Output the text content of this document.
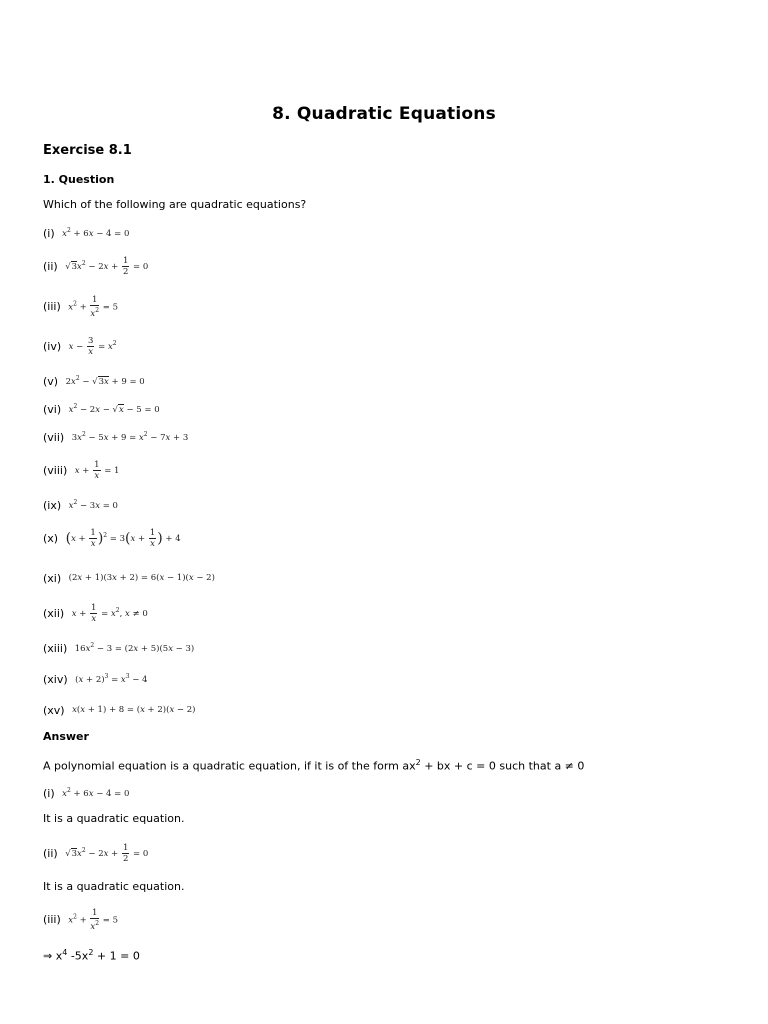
8. Quadratic Equations
Exercise 8.1
1. Question
Which of the following are quadratic equations?
(i) $x^2 + 6x - 4 = 0$
(ii) $√3x^2 - 2x + \frac{1}{2} = 0$
(iii) $x^2 + \frac{1}{x^2} = 5$
(iv) $x - \frac{3}{x} = x^2$
(v) $2x^2 - √3x + 9 = 0$
(vi) $x^2 - 2x - √x - 5 = 0$
(vii) $3x^2 - 5x + 9 = x^2 - 7x + 3$
(viii) $x + \frac{1}{x} = 1$
(ix) $x^2 - 3x = 0$
(x) $(x + \frac{1}{x} )^2 = 3(x + \frac{1}{x}$ ) + 4
(xi) (2x + 1)(3x + 2) = 6(x − 1)(x − 2)
(xii) $x + \frac{1}{x} = x^2$, x ≠ 0
(xiii) $16x^2 - 3 = (2x + 5)(5x - 3)$
(xiv) $(x + 2)^3 = x^3 - 4$
(xv) x(x + 1) + 8 = (x + 2)(x − 2)
Answer
A polynomial equation is a quadratic equation, if it is of the form $ax^2$ + bx + c = 0 such that a ≠ 0
(i) $x^2 + 6x - 4 = 0$
It is a quadratic equation.
(ii) $√3x^2 - 2x + \frac{1}{2} = 0$
It is a quadratic equation.
(iii) $x^2 + \frac{1}{x^2} = 5$
⇒ $x^4$ $-5x^2 + 1 = 0$
